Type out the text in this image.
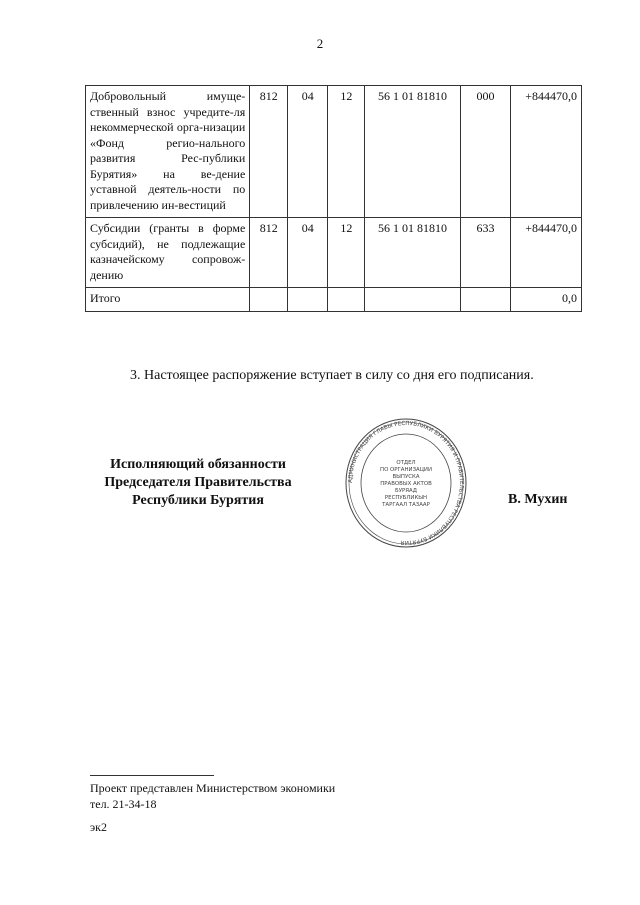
2
Добровольный имуще-ственный взнос учредите-ля некоммерческой орга-низации «Фонд регио-нального развития Рес-публики Бурятия» на ве-дение уставной деятель-ности по привлечению ин-вестиций	812	04	12	56 1 01 81810	000	+844470,0
Субсидии (гранты в форме субсидий), не подлежащие казначейскому сопровож-дению	812	04	12	56 1 01 81810	633	+844470,0
Итого						0,0
3. Настоящее распоряжение вступает в силу со дня его подписания.
Исполняющий обязанности
Председателя Правительства
Республики Бурятия
АДМИНИСТРАЦИЯ ГЛАВЫ РЕСПУБЛИКИ БУРЯТИЯ И ПРАВИТЕЛЬСТВА РЕСПУБЛИКИ БУРЯТИЯ
ОТДЕЛ
ПО ОРГАНИЗАЦИИ
ВЫПУСКА
ПРАВОВЫХ АКТОВ
БУРЯАД
РЕСПУБЛИКЫН
ТАРГААЛ ТАЗААР	В. Мухин
Проект представлен Министерством экономики
тел. 21-34-18
эк2
